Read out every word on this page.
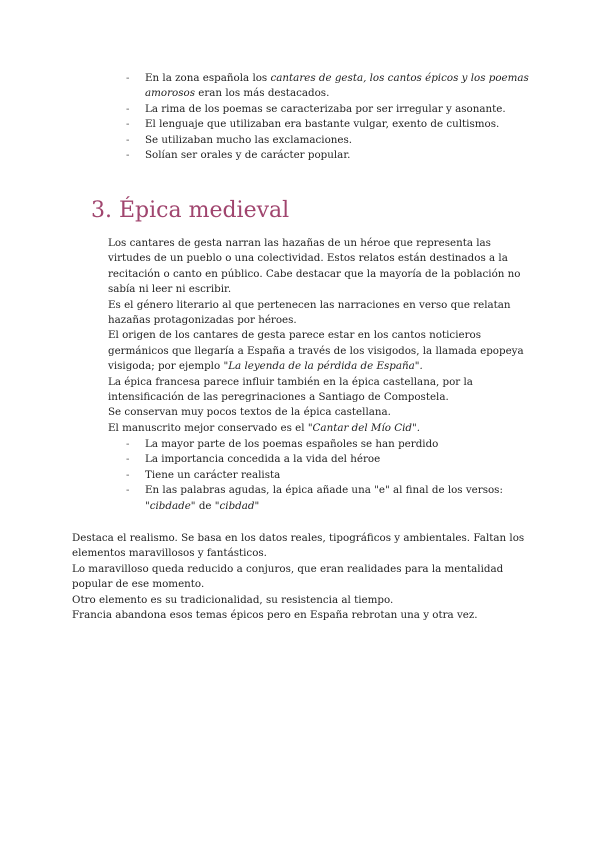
- En la zona española los cantares de gesta, los cantos épicos y los poemas amorosos eran los más destacados.
- La rima de los poemas se caracterizaba por ser irregular y asonante.
- El lenguaje que utilizaban era bastante vulgar, exento de cultismos.
- Se utilizaban mucho las exclamaciones.
- Solían ser orales y de carácter popular.
3. Épica medieval

Los cantares de gesta narran las hazañas de un héroe que representa las virtudes de un pueblo o una colectividad. Estos relatos están destinados a la recitación o canto en público. Cabe destacar que la mayoría de la población no sabía ni leer ni escribir.

Es el género literario al que pertenecen las narraciones en verso que relatan hazañas protagonizadas por héroes.

El origen de los cantares de gesta parece estar en los cantos noticieros germánicos que llegaría a España a través de los visigodos, la llamada epopeya visigoda; por ejemplo "La leyenda de la pérdida de España".

La épica francesa parece influir también en la épica castellana, por la intensificación de las peregrinaciones a Santiago de Compostela.

Se conservan muy pocos textos de la épica castellana.

El manuscrito mejor conservado es el "Cantar del Mío Cid".

- La mayor parte de los poemas españoles se han perdido
- La importancia concedida a la vida del héroe
- Tiene un carácter realista
- En las palabras agudas, la épica añade una "e" al final de los versos: "cibdade" de "cibdad"

Destaca el realismo. Se basa en los datos reales, tipográficos y ambientales. Faltan los elementos maravillosos y fantásticos.

Lo maravilloso queda reducido a conjuros, que eran realidades para la mentalidad popular de ese momento.

Otro elemento es su tradicionalidad, su resistencia al tiempo.

Francia abandona esos temas épicos pero en España rebrotan una y otra vez.
